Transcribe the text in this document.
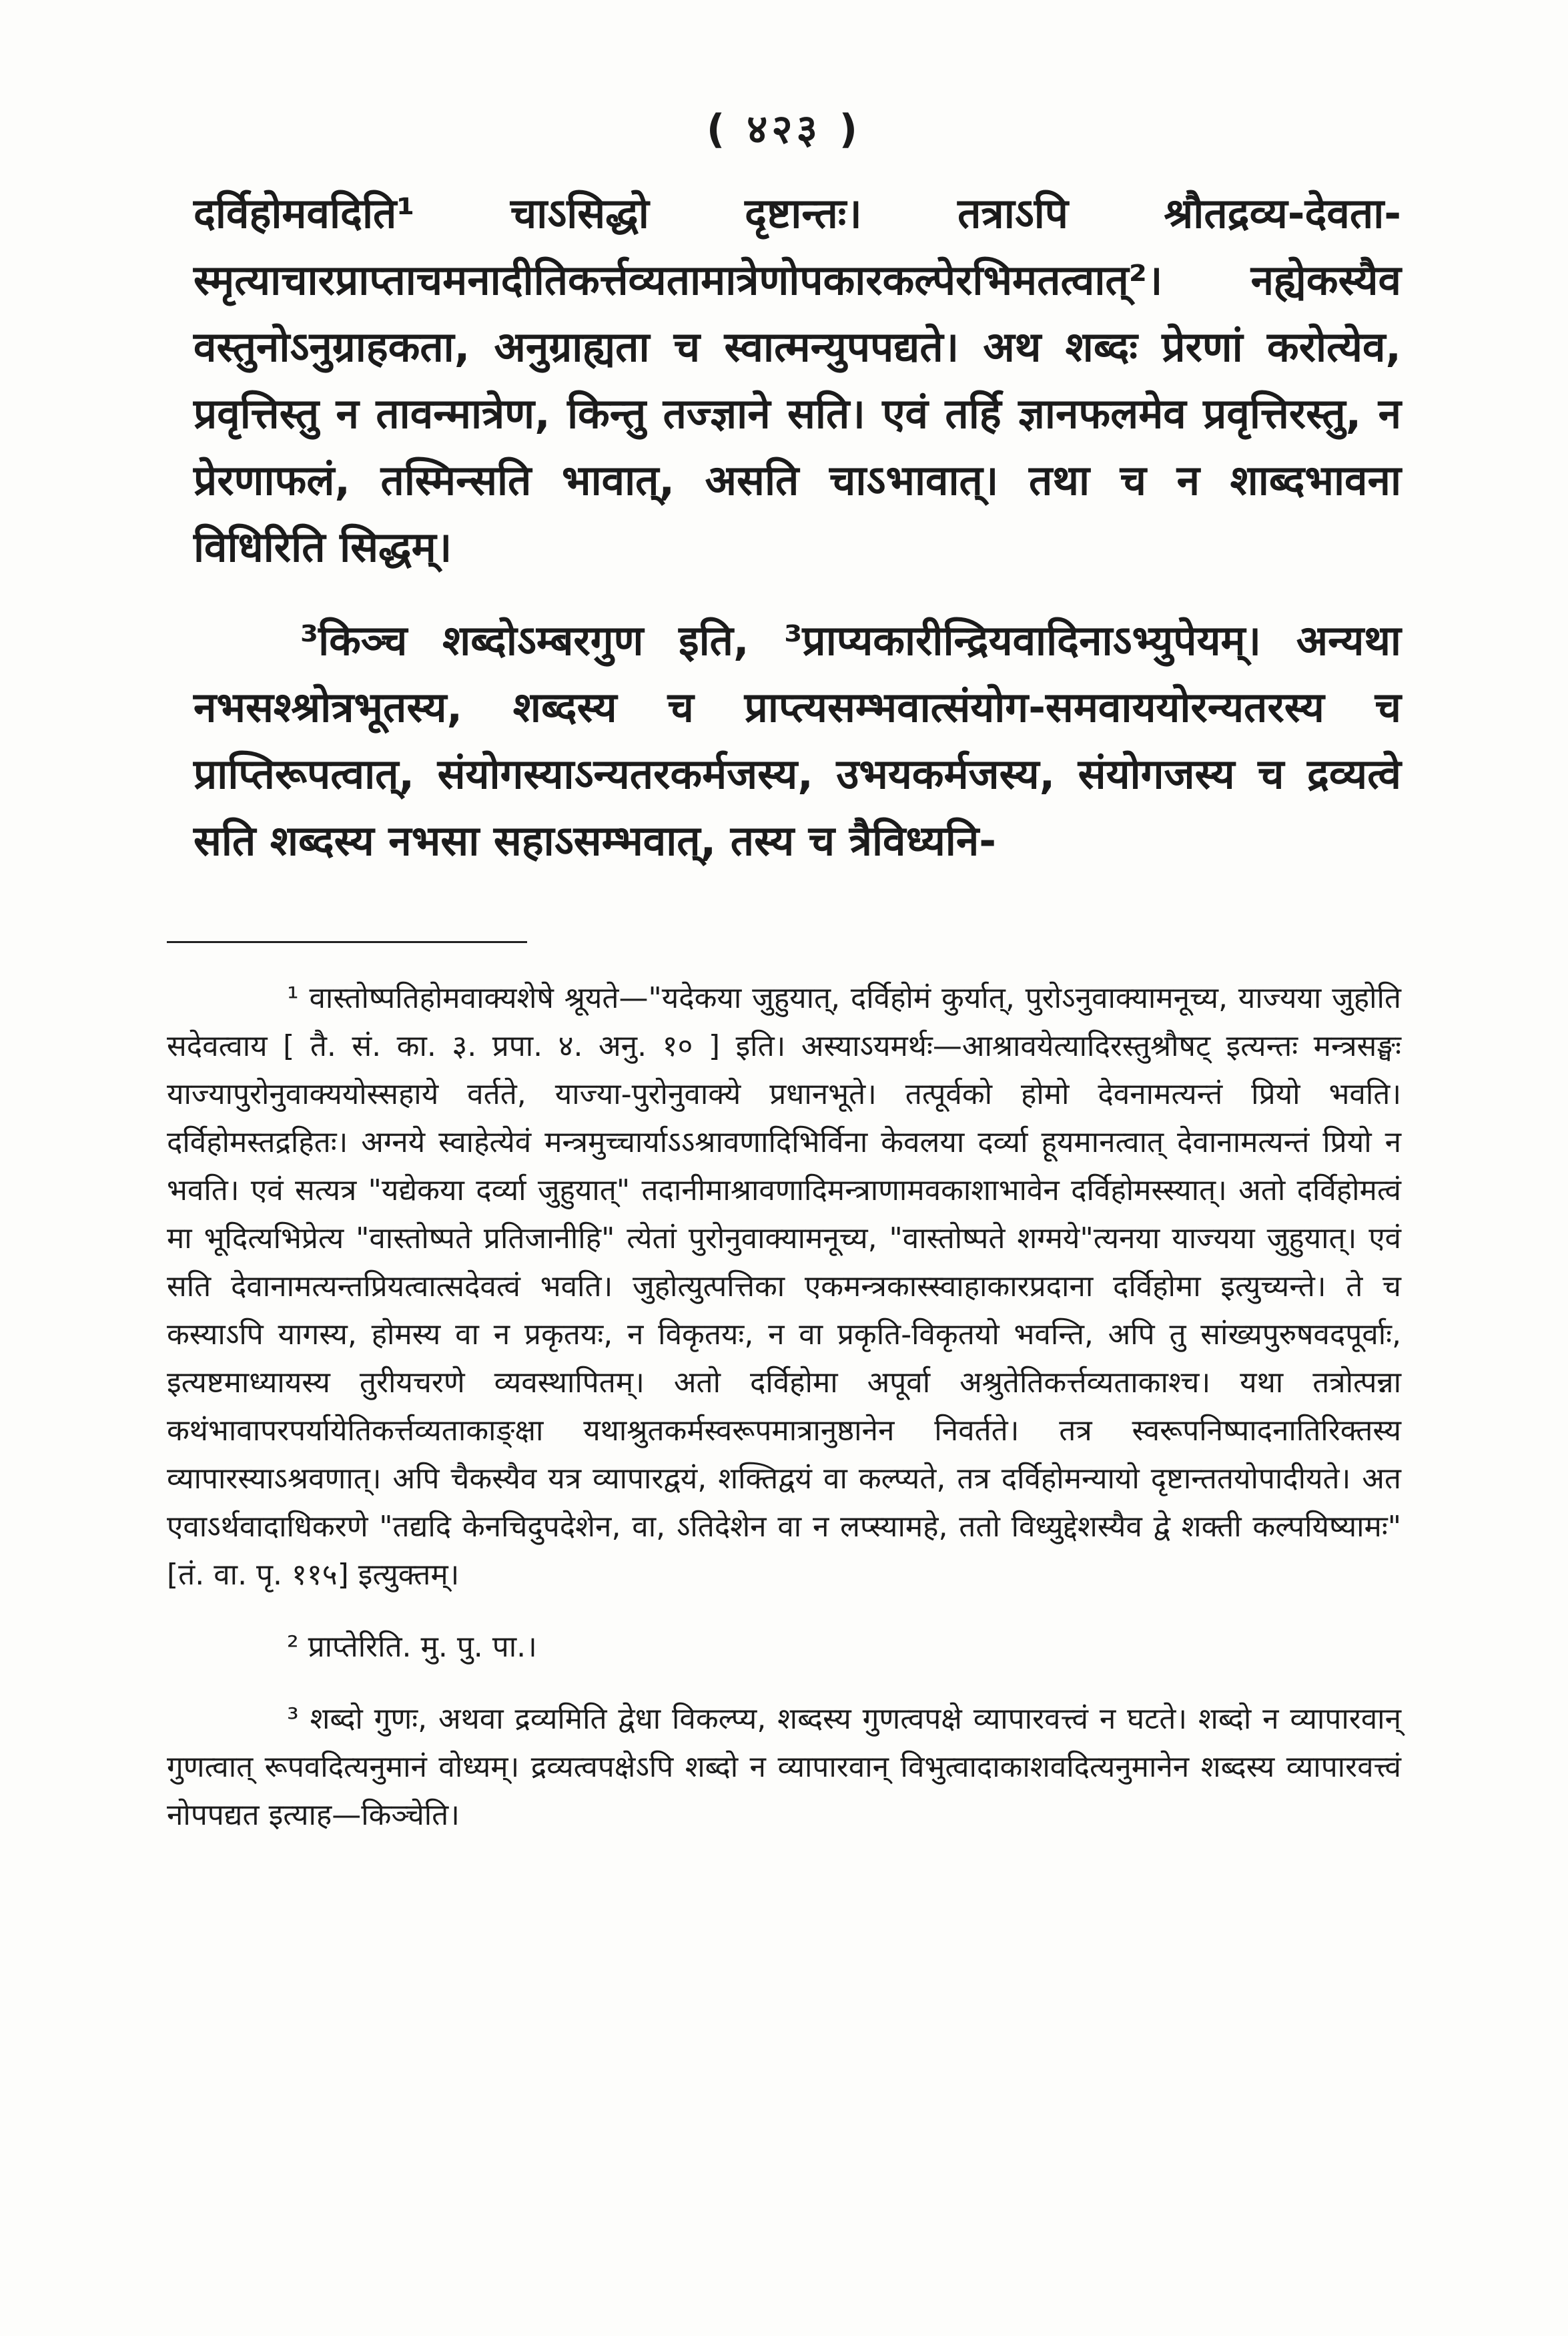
( ४२३ )

दर्विहोमवदिति¹ चाऽसिद्धो दृष्टान्तः। तत्राऽपि श्रौतद्रव्य-देवता-स्मृत्याचारप्राप्ताचमनादीतिकर्त्तव्यतामात्रेणोपकारकल्पेरभिमतत्वात्²। नह्येकस्यैव वस्तुनोऽनुग्राहकता, अनुग्राह्यता च स्वात्मन्युपपद्यते। अथ शब्दः प्रेरणां करोत्येव, प्रवृत्तिस्तु न तावन्मात्रेण, किन्तु तज्ज्ञाने सति। एवं तर्हि ज्ञानफलमेव प्रवृत्तिरस्तु, न प्रेरणाफलं, तस्मिन्सति भावात्, असति चाऽभावात्। तथा च न शाब्दभावना विधिरिति सिद्धम्।

³किञ्च शब्दोऽम्बरगुण इति, ³प्राप्यकारीन्द्रियवादिनाऽभ्युपेयम्। अन्यथा नभसश्श्रोत्रभूतस्य, शब्दस्य च प्राप्त्यसम्भवात्संयोग-समवाययोरन्यतरस्य च प्राप्तिरूपत्वात्, संयोगस्याऽन्यतरकर्मजस्य, उभयकर्मजस्य, संयोगजस्य च द्रव्यत्वे सति शब्दस्य नभसा सहाऽसम्भवात्, तस्य च त्रैविध्यनि-

¹ वास्तोष्पतिहोमवाक्यशेषे श्रूयते—"यदेकया जुहुयात्, दर्विहोमं कुर्यात्, पुरोऽनुवाक्यामनूच्य, याज्यया जुहोति सदेवत्वाय [ तै. सं. का. ३. प्रपा. ४. अनु. १० ] इति। अस्याऽयमर्थः—आश्रावयेत्यादिरस्तुश्रौषट् इत्यन्तः मन्त्रसङ्घः याज्यापुरोनुवाक्ययोस्सहाये वर्तते, याज्या-पुरोनुवाक्ये प्रधानभूते। तत्पूर्वको होमो देवनामत्यन्तं प्रियो भवति। दर्विहोमस्तद्रहितः। अग्नये स्वाहेत्येवं मन्त्रमुच्चार्याऽऽश्रावणादिभिर्विना केवलया दर्व्या हूयमानत्वात् देवानामत्यन्तं प्रियो न भवति। एवं सत्यत्र "यद्येकया दर्व्या जुहुयात्" तदानीमाश्रावणादिमन्त्राणामवकाशाभावेन दर्विहोमस्स्यात्। अतो दर्विहोमत्वं मा भूदित्यभिप्रेत्य "वास्तोष्पते प्रतिजानीहि" त्येतां पुरोनुवाक्यामनूच्य, "वास्तोष्पते शग्मये"त्यनया याज्यया जुहुयात्। एवं सति देवानामत्यन्तप्रियत्वात्सदेवत्वं भवति। जुहोत्युत्पत्तिका एकमन्त्रकास्स्वाहाकारप्रदाना दर्विहोमा इत्युच्यन्ते। ते च कस्याऽपि यागस्य, होमस्य वा न प्रकृतयः, न विकृतयः, न वा प्रकृति-विकृतयो भवन्ति, अपि तु सांख्यपुरुषवदपूर्वाः, इत्यष्टमाध्यायस्य तुरीयचरणे व्यवस्थापितम्। अतो दर्विहोमा अपूर्वा अश्रुतेतिकर्त्तव्यताकाश्च। यथा तत्रोत्पन्ना कथंभावापरपर्यायेतिकर्त्तव्यताकाङ्क्षा यथाश्रुतकर्मस्वरूपमात्रानुष्ठानेन निवर्तते। तत्र स्वरूपनिष्पादनातिरिक्तस्य व्यापारस्याऽश्रवणात्। अपि चैकस्यैव यत्र व्यापारद्वयं, शक्तिद्वयं वा कल्प्यते, तत्र दर्विहोमन्यायो दृष्टान्ततयोपादीयते। अत एवाऽर्थवादाधिकरणे "तद्यदि केनचिदुपदेशेन, वा, ऽतिदेशेन वा न लप्स्यामहे, ततो विध्युद्देशस्यैव द्वे शक्ती कल्पयिष्यामः" [तं. वा. पृ. ११५] इत्युक्तम्।

² प्राप्तेरिति. मु. पु. पा.।

³ शब्दो गुणः, अथवा द्रव्यमिति द्वेधा विकल्प्य, शब्दस्य गुणत्वपक्षे व्यापारवत्त्वं न घटते। शब्दो न व्यापारवान् गुणत्वात् रूपवदित्यनुमानं वोध्यम्। द्रव्यत्वपक्षेऽपि शब्दो न व्यापारवान् विभुत्वादाकाशवदित्यनुमानेन शब्दस्य व्यापारवत्त्वं नोपपद्यत इत्याह—किञ्चेति।
